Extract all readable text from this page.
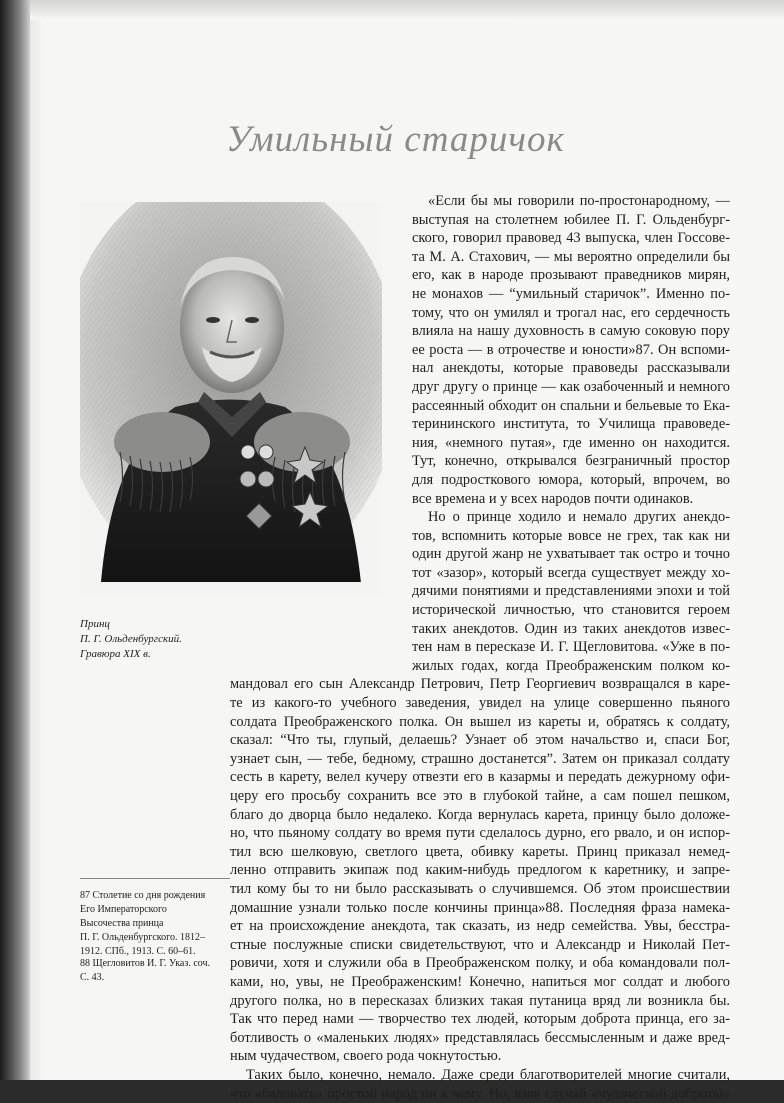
Умильный старичок
Принц
П. Г. Ольденбургский.
Гравюра XIX в.
87 Столетие со дня рождения
Его Императорского
Высочества принца
П. Г. Ольденбургского. 1812–
1912. СПб., 1913. С. 60–61.
88 Щегловитов И. Г. Указ. соч.
С. 43.
«Если бы мы говорили по-простонародному, —
выступая на столетнем юбилее П. Г. Ольденбург-
ского, говорил правовед 43 выпуска, член Госсове-
та М. А. Стахович, — мы вероятно определили бы
его, как в народе прозывают праведников мирян,
не монахов — “умильный старичок”. Именно по-
тому, что он умилял и трогал нас, его сердечность
влияла на нашу духовность в самую соковую пору
ее роста — в отрочестве и юности»87. Он вспоми-
нал анекдоты, которые правоведы рассказывали
друг другу о принце — как озабоченный и немного
рассеянный обходит он спальни и бельевые то Ека-
терининского института, то Училища правоведе-
ния, «немного путая», где именно он находится.
Тут, конечно, открывался безграничный простор
для подросткового юмора, который, впрочем, во
все времена и у всех народов почти одинаков.
Но о принце ходило и немало других анекдо-
тов, вспомнить которые вовсе не грех, так как ни
один другой жанр не ухватывает так остро и точно
тот «зазор», который всегда существует между хо-
дячими понятиями и представлениями эпохи и той
исторической личностью, что становится героем
таких анекдотов. Один из таких анекдотов извес-
тен нам в пересказе И. Г. Щегловитова. «Уже в по-
жилых годах, когда Преображенским полком ко-
мандовал его сын Александр Петрович, Петр Георгиевич возвращался в каре-
те из какого-то учебного заведения, увидел на улице совершенно пьяного
солдата Преображенского полка. Он вышел из кареты и, обратясь к солдату,
сказал: “Что ты, глупый, делаешь? Узнает об этом начальство и, спаси Бог,
узнает сын, — тебе, бедному, страшно достанется”. Затем он приказал солдату
сесть в карету, велел кучеру отвезти его в казармы и передать дежурному офи-
церу его просьбу сохранить все это в глубокой тайне, а сам пошел пешком,
благо до дворца было недалеко. Когда вернулась карета, принцу было доложе-
но, что пьяному солдату во время пути сделалось дурно, его рвало, и он испор-
тил всю шелковую, светлого цвета, обивку кареты. Принц приказал немед-
ленно отправить экипаж под каким-нибудь предлогом к каретнику, и запре-
тил кому бы то ни было рассказывать о случившемся. Об этом происшествии
домашние узнали только после кончины принца»88. Последняя фраза намека-
ет на происхождение анекдота, так сказать, из недр семейства. Увы, бесстра-
стные послужные списки свидетельствуют, что и Александр и Николай Пет-
ровичи, хотя и служили оба в Преображенском полку, и оба командовали пол-
ками, но, увы, не Преображенским! Конечно, напиться мог солдат и любого
другого полка, но в пересказах близких такая путаница вряд ли возникла бы.
Так что перед нами — творчество тех людей, которым доброта принца, его за-
ботливость о «маленьких людях» представлялась бессмысленным и даже вред-
ным чудачеством, своего рода чокнутостью.
Таких было, конечно, немало. Даже среди благотворителей многие считали,
что «баловать» простой народ ни к чему. Но, взяв случай «чудаческой доброты»
